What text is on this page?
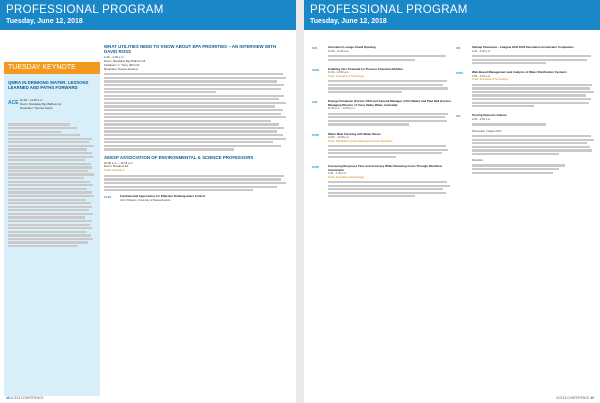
PROFESSIONAL PROGRAM
Tuesday, June 12, 2018
TUESDAY KEYNOTE
QMRA IN DRINKING WATER: LESSONS LEARNED AND PATHS FORWARD
ACE 10:00 – 11:30 a.m.
Room: Mandalay Bay Ballroom E
Moderator: Thomas Speth
WHAT UTILITIES NEED TO KNOW ABOUT EPA PRIORITIES – AN INTERVIEW WITH DAVID ROSS
1:30 – 2:30 p.m.
Room: Mandalay Bay Ballroom B
Facilitator: C. Tracy (Mimi) R.
Moderator: David LaFrance
AEESP ASSOCIATION OF ENVIRONMENTAL & SCIENCE PROFESSORS
10:30 a.m. – 12:15 p.m.
Room: Breakers E1
Track: Research
11:00	Fundamental Approaches for Effective Drinking-water Control
John Tobiason, University of Massachusetts
48 ACE18 CONFERENCE
PROFESSIONAL PROGRAM
Tuesday, June 12, 2018
SU1	Innovation Lounge Grand Opening
11:30 – 11:30 a.m.
SU33	Enabling Zero Potential for Process Chemical Addition
11:30 – 11:50 a.m.
Track: Innovation & Technology
SU2	Emerge Pandemic (Former CEO and General Manager of DC Water) and Paul Bell (Former Managing Director of Yarra Valley Water, Australia)
11:30 a.m. – 12:00 p.m.
SU50	Water Main Flushing with Water Mover
12:00 – 12:45 p.m.
Track: Distribution System Management and Operations
SU55	Increasing Response Time and Accuracy While Reducing Costs Through Workflow Automation
1:30 – 1:45 p.m.
Track: Innovation & Technology
IU3	Startup Showcase – Imagine H2O 2018 Innovation Accelerator Companies
1:30 – 3:30 p.m.
SU54	Web-Based Management and Analysis of Water Distribution Systems
2:00 – 2:15 p.m.
Track: Innovation & Technology
IU4	Turning Data into Culture
2:30 – 3:00 p.m.
Personality: Imagine H2O
Panelists:
ACE18 CONFERENCE 49
